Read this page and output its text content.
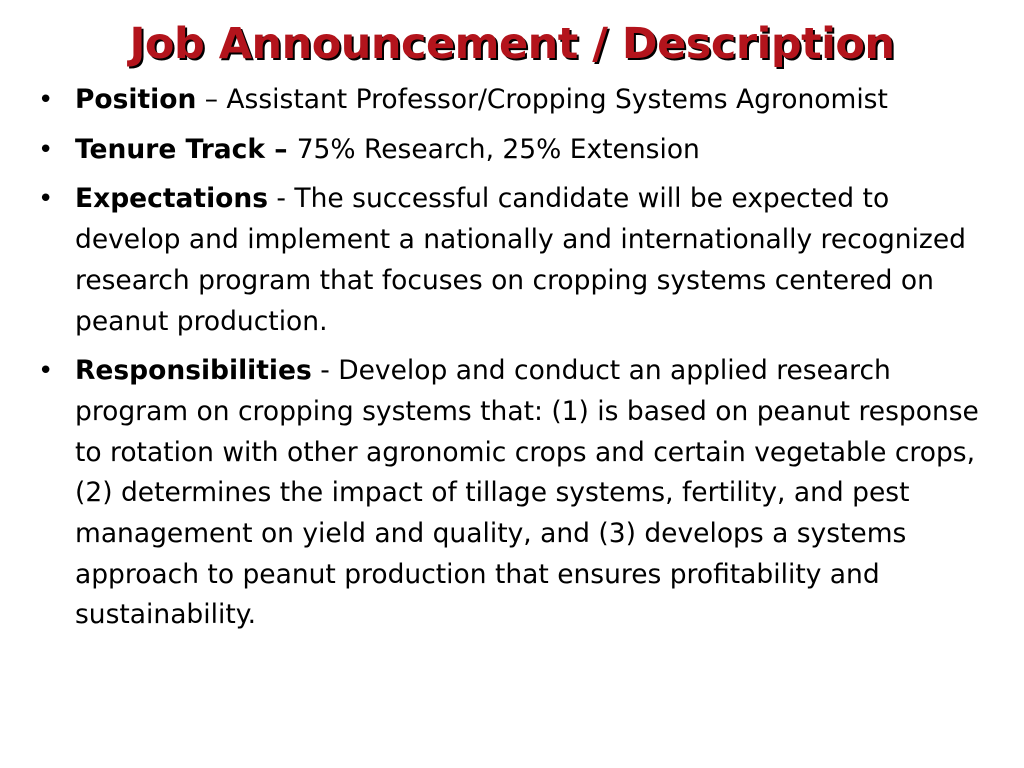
Job Announcement / Description
• Position – Assistant Professor/Cropping Systems Agronomist
• Tenure Track – 75% Research, 25% Extension
• Expectations - The successful candidate will be expected to develop and implement a nationally and internationally recognized research program that focuses on cropping systems centered on peanut production.
• Responsibilities - Develop and conduct an applied research program on cropping systems that: (1) is based on peanut response to rotation with other agronomic crops and certain vegetable crops, (2) determines the impact of tillage systems, fertility, and pest management on yield and quality, and (3) develops a systems approach to peanut production that ensures profitability and sustainability.
